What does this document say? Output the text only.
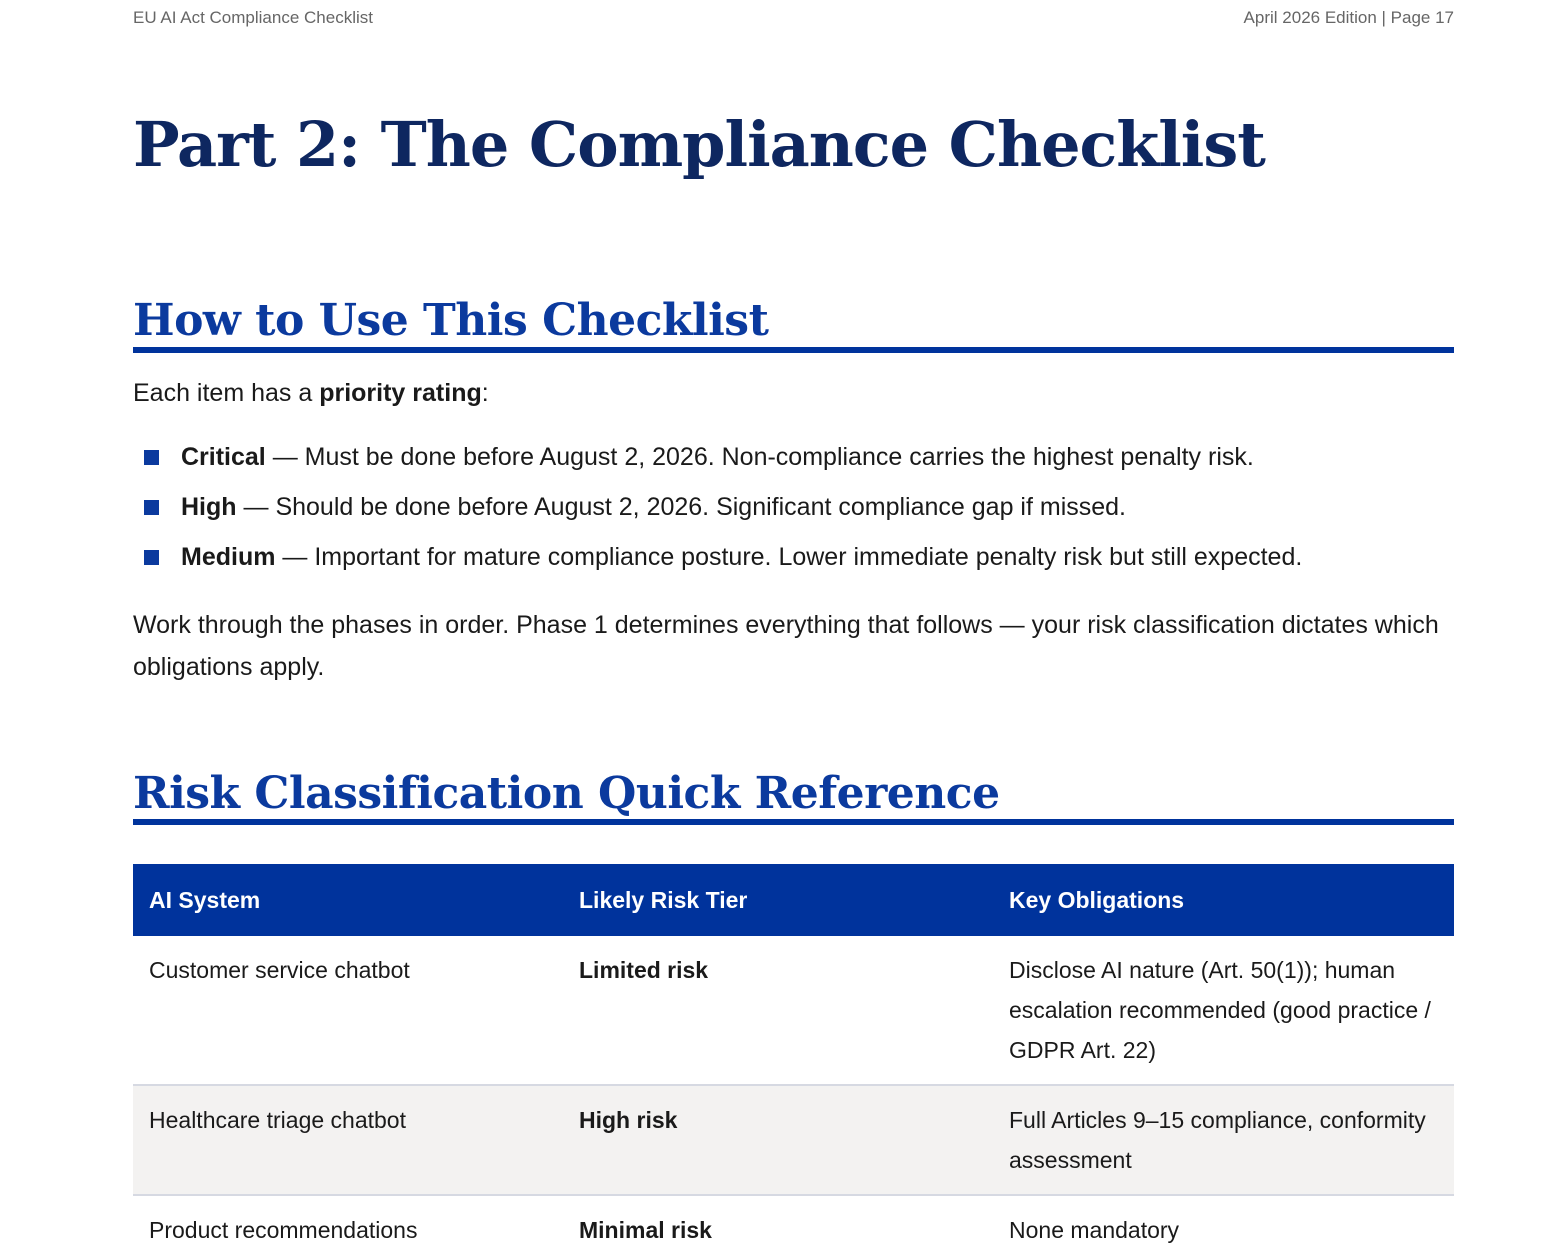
EU AI Act Compliance Checklist	April 2026 Edition | Page 17
Part 2: The Compliance Checklist
How to Use This Checklist

Each item has a priority rating:

Critical — Must be done before August 2, 2026. Non-compliance carries the highest penalty risk.
High — Should be done before August 2, 2026. Significant compliance gap if missed.
Medium — Important for mature compliance posture. Lower immediate penalty risk but still expected.

Work through the phases in order. Phase 1 determines everything that follows — your risk classification dictates which obligations apply.

Risk Classification Quick Reference
AI System	Likely Risk Tier	Key Obligations
Customer service chatbot	Limited risk	Disclose AI nature (Art. 50(1)); human escalation recommended (good practice / GDPR Art. 22)
Healthcare triage chatbot	High risk	Full Articles 9–15 compliance, conformity assessment
Product recommendations	Minimal risk	None mandatory
